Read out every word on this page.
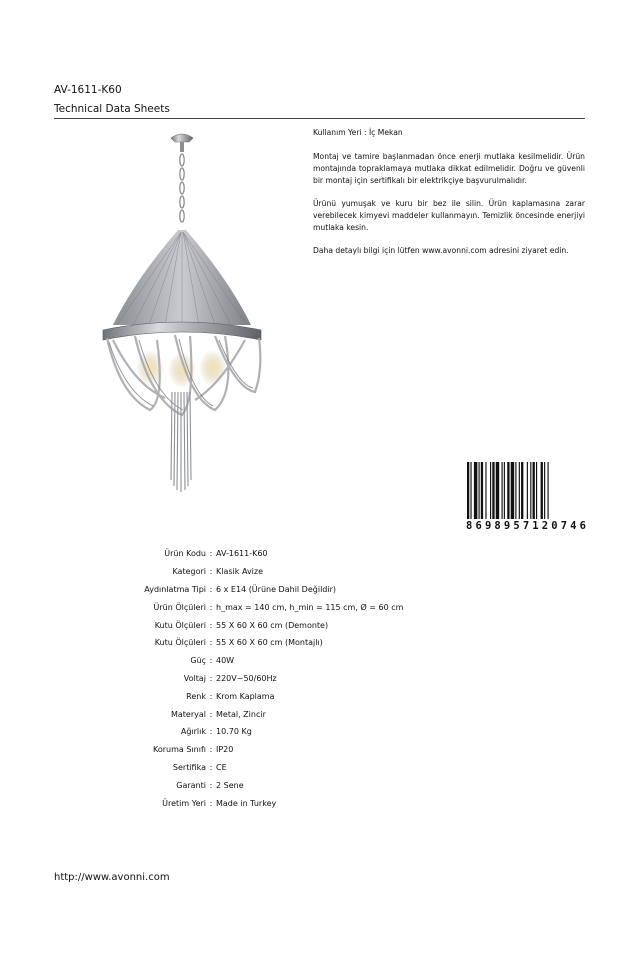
AV-1611-K60
Technical Data Sheets

Kullanım Yeri : İç Mekan

Montaj ve tamire başlanmadan önce enerji mutlaka kesilmelidir. Ürün montajında topraklamaya mutlaka dikkat edilmelidir. Doğru ve güvenli bir montaj için sertifikalı bir elektrikçiye başvurulmalıdır.

Ürünü yumuşak ve kuru bir bez ile silin. Ürün kaplamasına zarar verebilecek kimyevi maddeler kullanmayın. Temizlik öncesinde enerjiyi mutlaka kesin.

Daha detaylı bilgi için lütfen www.avonni.com adresini ziyaret edin.

8 6 9 8 9 5 7 1 2 0 7 4 6
Ürün Kodu : AV-1611-K60
Kategori : Klasik Avize
Aydınlatma Tipi : 6 x E14 (Ürüne Dahil Değildir)
Ürün Ölçüleri : h_max = 140 cm, h_min = 115 cm, Ø = 60 cm
Kutu Ölçüleri : 55 X 60 X 60 cm (Demonte)
Kutu Ölçüleri : 55 X 60 X 60 cm (Montajlı)
Güç : 40W
Voltaj : 220V~50/60Hz
Renk : Krom Kaplama
Materyal : Metal, Zincir
Ağırlık : 10.70 Kg
Koruma Sınıfı : IP20
Sertifika : CE
Garanti : 2 Sene
Üretim Yeri : Made in Turkey
http://www.avonni.com
